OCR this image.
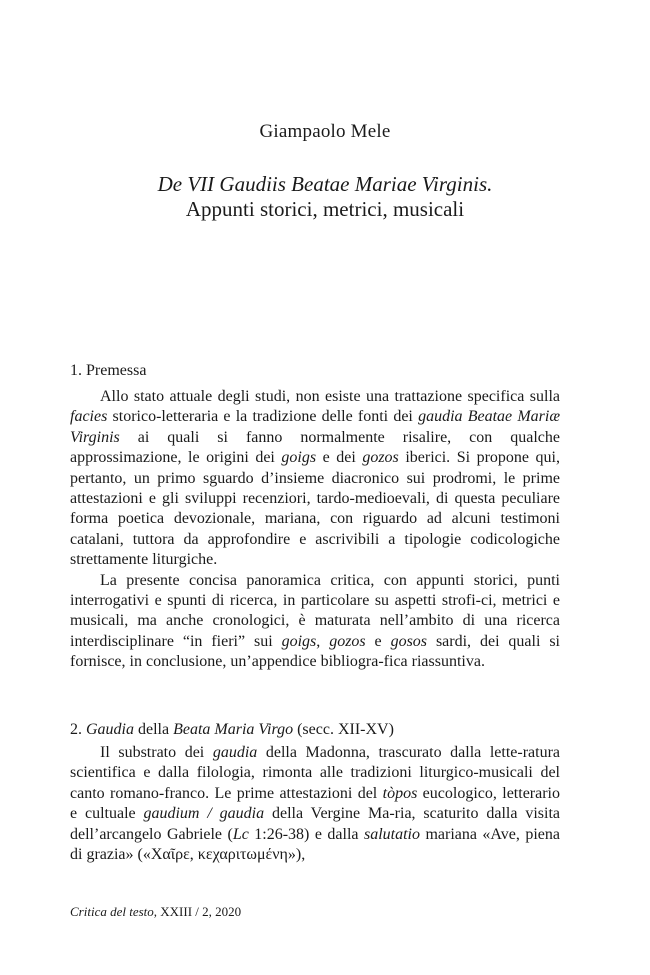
Giampaolo Mele
De VII Gaudiis Beatae Mariae Virginis.
Appunti storici, metrici, musicali
1. Premessa

Allo stato attuale degli studi, non esiste una trattazione specifica sulla facies storico-letteraria e la tradizione delle fonti dei gaudia Beatae Mariæ Virginis ai quali si fanno normalmente risalire, con qualche approssimazione, le origini dei goigs e dei gozos iberici. Si propone qui, pertanto, un primo sguardo d’insieme diacronico sui prodromi, le prime attestazioni e gli sviluppi recenziori, tardo-medioevali, di questa peculiare forma poetica devozionale, mariana, con riguardo ad alcuni testimoni catalani, tuttora da approfondire e ascrivibili a tipologie codicologiche strettamente liturgiche.

La presente concisa panoramica critica, con appunti storici, punti interrogativi e spunti di ricerca, in particolare su aspetti strofi-ci, metrici e musicali, ma anche cronologici, è maturata nell’ambito di una ricerca interdisciplinare “in fieri” sui goigs, gozos e gosos sardi, dei quali si fornisce, in conclusione, un’appendice bibliogra-fica riassuntiva.

2. Gaudia della Beata Maria Virgo (secc. XII-XV)

Il substrato dei gaudia della Madonna, trascurato dalla lette-ratura scientifica e dalla filologia, rimonta alle tradizioni liturgico-musicali del canto romano-franco. Le prime attestazioni del tòpos eucologico, letterario e cultuale gaudium / gaudia della Vergine Ma-ria, scaturito dalla visita dell’arcangelo Gabriele (Lc 1:26-38) e dalla salutatio mariana «Ave, piena di grazia» («Χαῖρε, κεχαριτωμένη»),

Critica del testo, XXIII / 2, 2020
